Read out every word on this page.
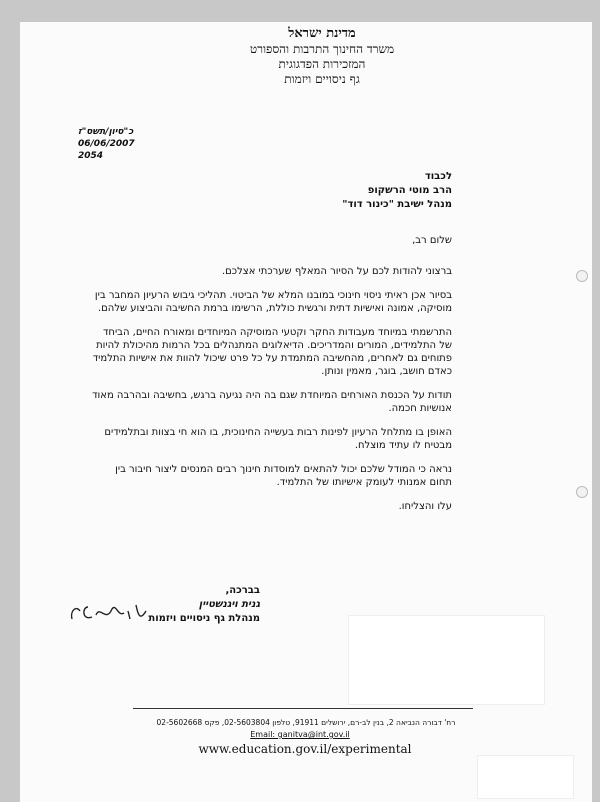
מדינת ישראל
משרד החינוך התרבות והספורט
המזכירות הפדגוגית
גף ניסויים ויזמות
כ"סיון/תשס"ז
06/06/2007
2054
לכבוד
הרב מוטי הרשקופ
מנהל ישיבת "כינור דוד"

שלום רב,

ברצוני להודות לכם על הסיור המאלף שערכתי אצלכם.

בסיור אכן ראיתי ניסוי חינוכי במובנו המלא של הביטוי. תהליכי גיבוש הרעיון המחבר בין מוסיקה, אמונה ואישיות דתית ורגשית כוללת, הרשימו ברמת החשיבה והביצוע שלהם.

התרשמתי במיוחד מעבודות החקר וקטעי המוסיקה המיוחדים ומאורח החיים, הביחד של התלמידים, המורים והמדריכים. הדיאלוגים המתנהלים בכל הרמות מהיכולת להיות פתוחים גם לאחרים, מהחשיבה המתמדת על כל פרט שיכול להוות את אישיות התלמיד כאדם חושב, בוגר, מאמין ונותן.

תודות על הכנסת האורחים המיוחדת שגם בה היה נגיעה ברגש, בחשיבה ובהרבה מאוד אנושיות חכמה.

האופן בו מתלחל הרעיון לפינות רבות בעשייה החינוכית, בו הוא חי בצוות ובתלמידים מבטיח לו עתיד מוצלח.

נראה כי המודל שלכם יכול להתאים למוסדות חינוך רבים המנסים ליצור חיבור בין תחום אמנותי לעומק אישיותו של התלמיד.

עלו והצליחו.

בברכה,
גנית ויגנשטיין
מנהלת גף ניסויים ויזמות
רח' דבורה הנביאה 2, בנין לב-רם, ירושלים 91911, טלפון 02-5603804, פקס 02-5602668
Email: ganitva@int.gov.il
www.education.gov.il/experimental
